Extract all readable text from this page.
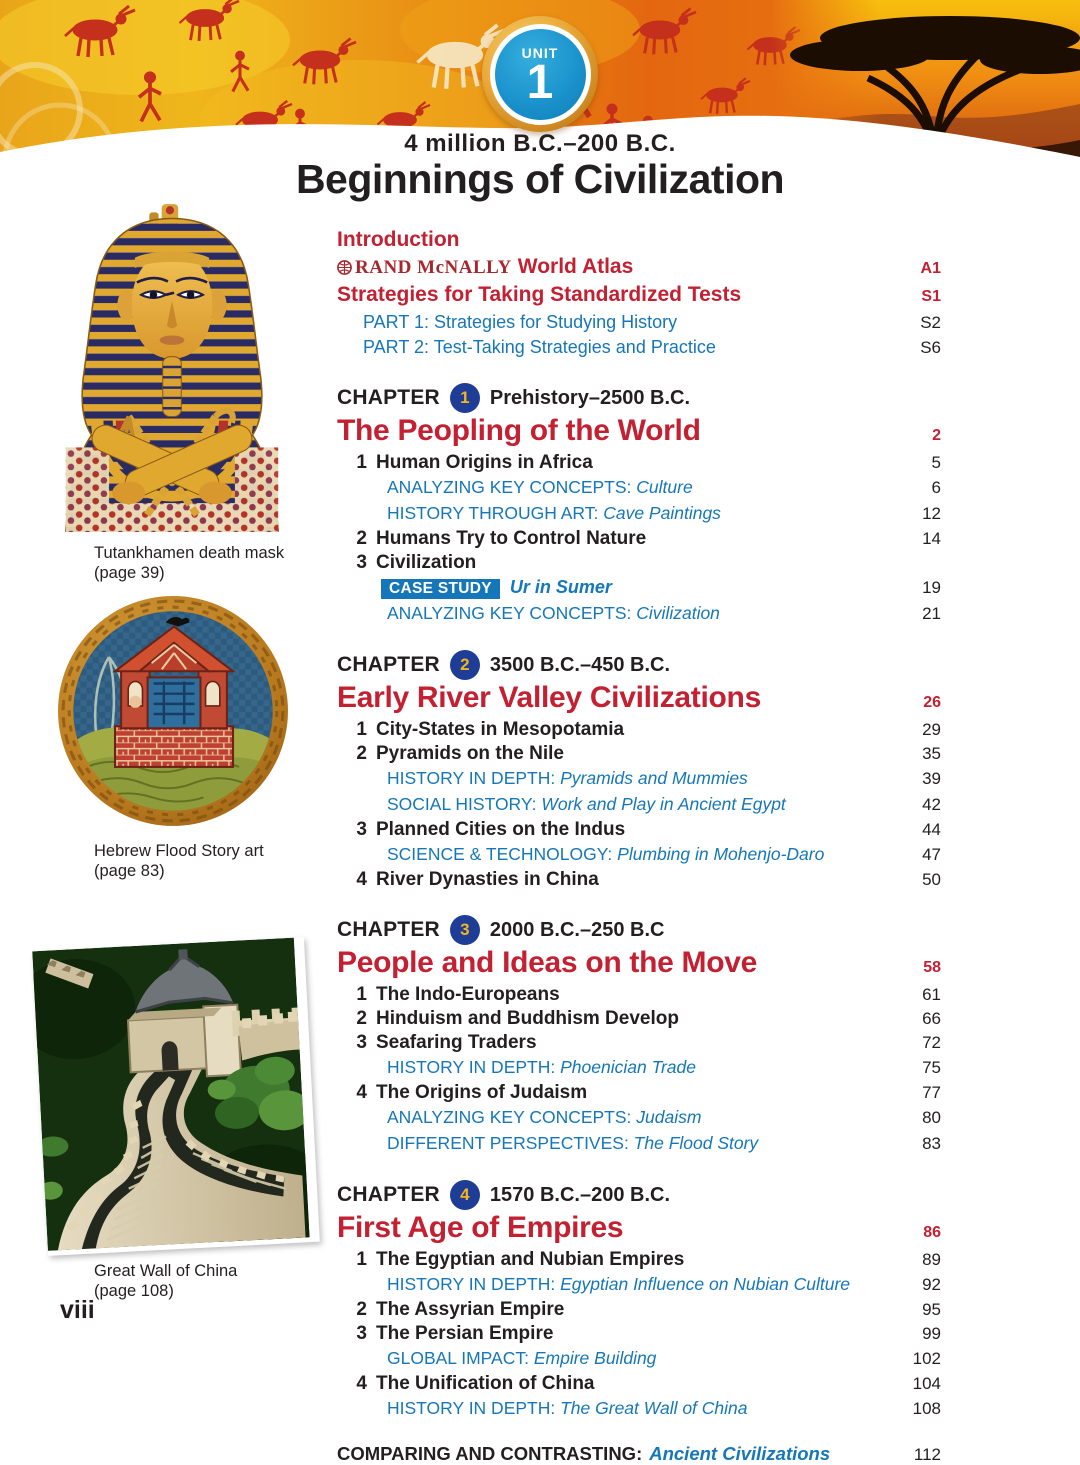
UNIT
1
4 million B.C.–200 B.C.
Beginnings of Civilization
Tutankhamen death mask
(page 39)
Hebrew Flood Story art
(page 83)
Great Wall of China
(page 108)
viii
Introduction
RAND McNALLY World Atlas	A1
Strategies for Taking Standardized Tests	S1
PART 1: Strategies for Studying History	S2
PART 2: Test-Taking Strategies and Practice	S6
CHAPTER	1	Prehistory–2500 B.C.
The Peopling of the World	2
1 Human Origins in Africa	5
ANALYZING KEY CONCEPTS: Culture	6
HISTORY THROUGH ART: Cave Paintings	12
2 Humans Try to Control Nature	14
3 Civilization
CASE STUDY Ur in Sumer	19
ANALYZING KEY CONCEPTS: Civilization	21
CHAPTER	2	3500 B.C.–450 B.C.
Early River Valley Civilizations	26
1 City-States in Mesopotamia	29
2 Pyramids on the Nile	35
HISTORY IN DEPTH: Pyramids and Mummies	39
SOCIAL HISTORY: Work and Play in Ancient Egypt	42
3 Planned Cities on the Indus	44
SCIENCE & TECHNOLOGY: Plumbing in Mohenjo-Daro	47
4 River Dynasties in China	50
CHAPTER	3	2000 B.C.–250 B.C
People and Ideas on the Move	58
1 The Indo-Europeans	61
2 Hinduism and Buddhism Develop	66
3 Seafaring Traders	72
HISTORY IN DEPTH: Phoenician Trade	75
4 The Origins of Judaism	77
ANALYZING KEY CONCEPTS: Judaism	80
DIFFERENT PERSPECTIVES: The Flood Story	83
CHAPTER	4	1570 B.C.–200 B.C.
First Age of Empires	86
1 The Egyptian and Nubian Empires	89
HISTORY IN DEPTH: Egyptian Influence on Nubian Culture	92
2 The Assyrian Empire	95
3 The Persian Empire	99
GLOBAL IMPACT: Empire Building	102
4 The Unification of China	104
HISTORY IN DEPTH: The Great Wall of China	108
COMPARING AND CONTRASTING: Ancient Civilizations	112
